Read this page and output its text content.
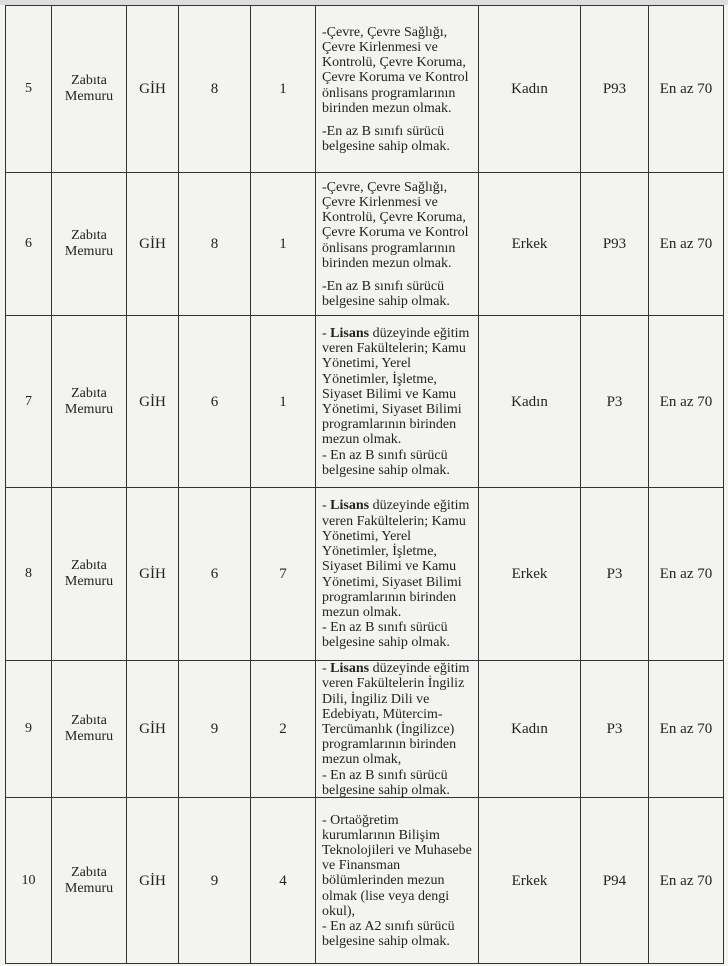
5	Zabıta Memuru	GİH	8	1	-Çevre, Çevre Sağlığı, Çevre Kirlenmesi ve Kontrolü, Çevre Koruma, Çevre Koruma ve Kontrol önlisans programlarının birinden mezun olmak.

-En az B sınıfı sürücü belgesine sahip olmak.	Kadın	P93	En az 70
6	Zabıta Memuru	GİH	8	1	-Çevre, Çevre Sağlığı, Çevre Kirlenmesi ve Kontrolü, Çevre Koruma, Çevre Koruma ve Kontrol önlisans programlarının birinden mezun olmak.

-En az B sınıfı sürücü belgesine sahip olmak.	Erkek	P93	En az 70
7	Zabıta Memuru	GİH	6	1	- Lisans düzeyinde eğitim veren Fakültelerin; Kamu Yönetimi, Yerel Yönetimler, İşletme, Siyaset Bilimi ve Kamu Yönetimi, Siyaset Bilimi programlarının birinden mezun olmak.

- En az B sınıfı sürücü belgesine sahip olmak.	Kadın	P3	En az 70
8	Zabıta Memuru	GİH	6	7	- Lisans düzeyinde eğitim veren Fakültelerin; Kamu Yönetimi, Yerel Yönetimler, İşletme, Siyaset Bilimi ve Kamu Yönetimi, Siyaset Bilimi programlarının birinden mezun olmak.

- En az B sınıfı sürücü belgesine sahip olmak.	Erkek	P3	En az 70
9	Zabıta Memuru	GİH	9	2	- Lisans düzeyinde eğitim veren Fakültelerin İngiliz Dili, İngiliz Dili ve Edebiyatı, Mütercim-Tercümanlık (İngilizce) programlarının birinden mezun olmak,

- En az B sınıfı sürücü belgesine sahip olmak.	Kadın	P3	En az 70
10	Zabıta Memuru	GİH	9	4	- Ortaöğretim kurumlarının Bilişim Teknolojileri ve Muhasebe ve Finansman bölümlerinden mezun olmak (lise veya dengi okul),

- En az A2 sınıfı sürücü belgesine sahip olmak.	Erkek	P94	En az 70
